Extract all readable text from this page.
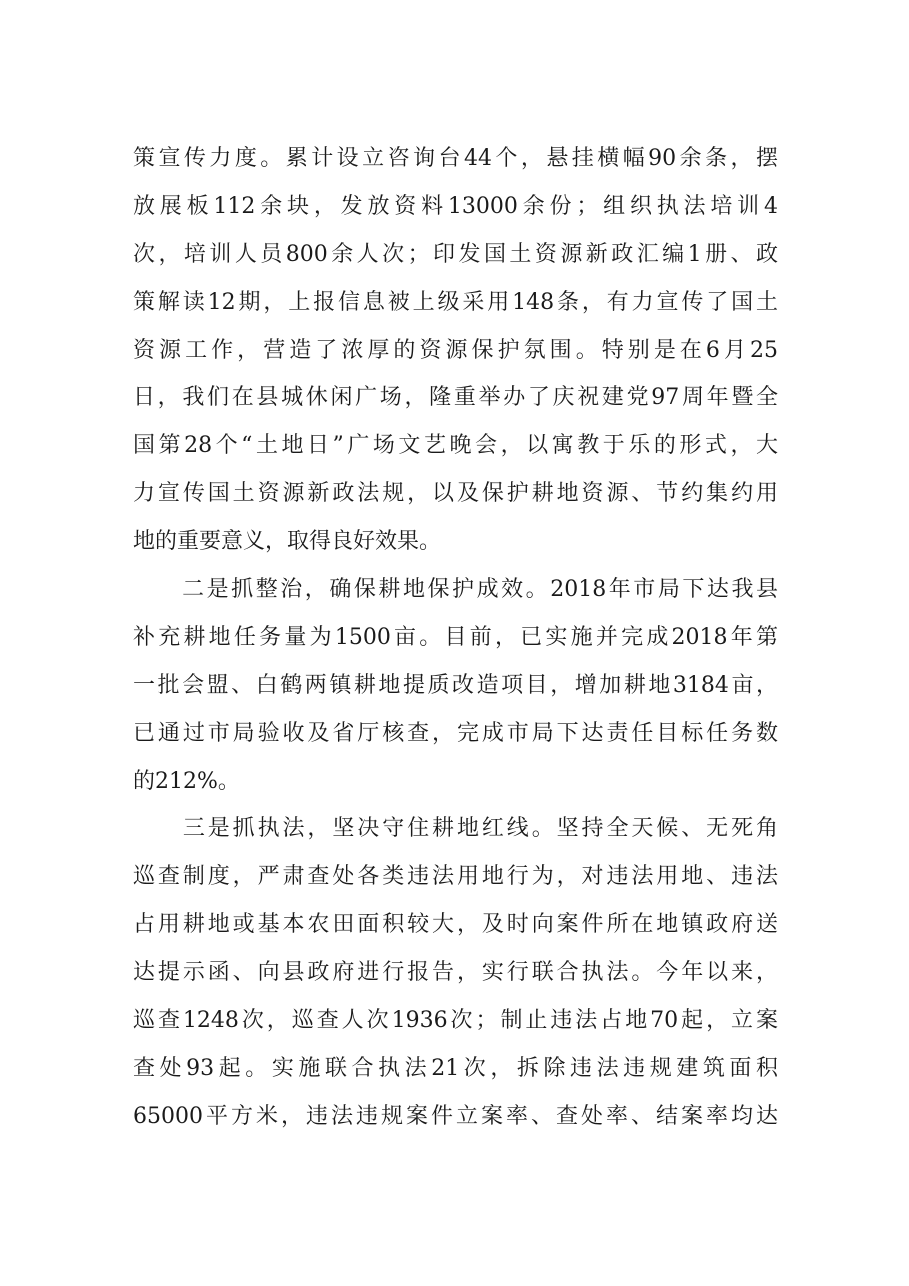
策宣传力度。累计设立咨询台44个，悬挂横幅90余条，摆
放展板112余块，发放资料13000余份；组织执法培训4
次，培训人员800余人次；印发国土资源新政汇编1册、政
策解读12期，上报信息被上级采用148条，有力宣传了国土
资源工作，营造了浓厚的资源保护氛围。特别是在6月25
日，我们在县城休闲广场，隆重举办了庆祝建党97周年暨全
国第28个“土地日”广场文艺晚会，以寓教于乐的形式，大
力宣传国土资源新政法规，以及保护耕地资源、节约集约用
地的重要意义，取得良好效果。
　　二是抓整治，确保耕地保护成效。2018年市局下达我县
补充耕地任务量为1500亩。目前，已实施并完成2018年第
一批会盟、白鹤两镇耕地提质改造项目，增加耕地3184亩，
已通过市局验收及省厅核查，完成市局下达责任目标任务数
的212%。
　　三是抓执法，坚决守住耕地红线。坚持全天候、无死角
巡查制度，严肃查处各类违法用地行为，对违法用地、违法
占用耕地或基本农田面积较大，及时向案件所在地镇政府送
达提示函、向县政府进行报告，实行联合执法。今年以来，
巡查1248次，巡查人次1936次；制止违法占地70起，立案
查处93起。实施联合执法21次，拆除违法违规建筑面积
65000平方米，违法违规案件立案率、查处率、结案率均达
